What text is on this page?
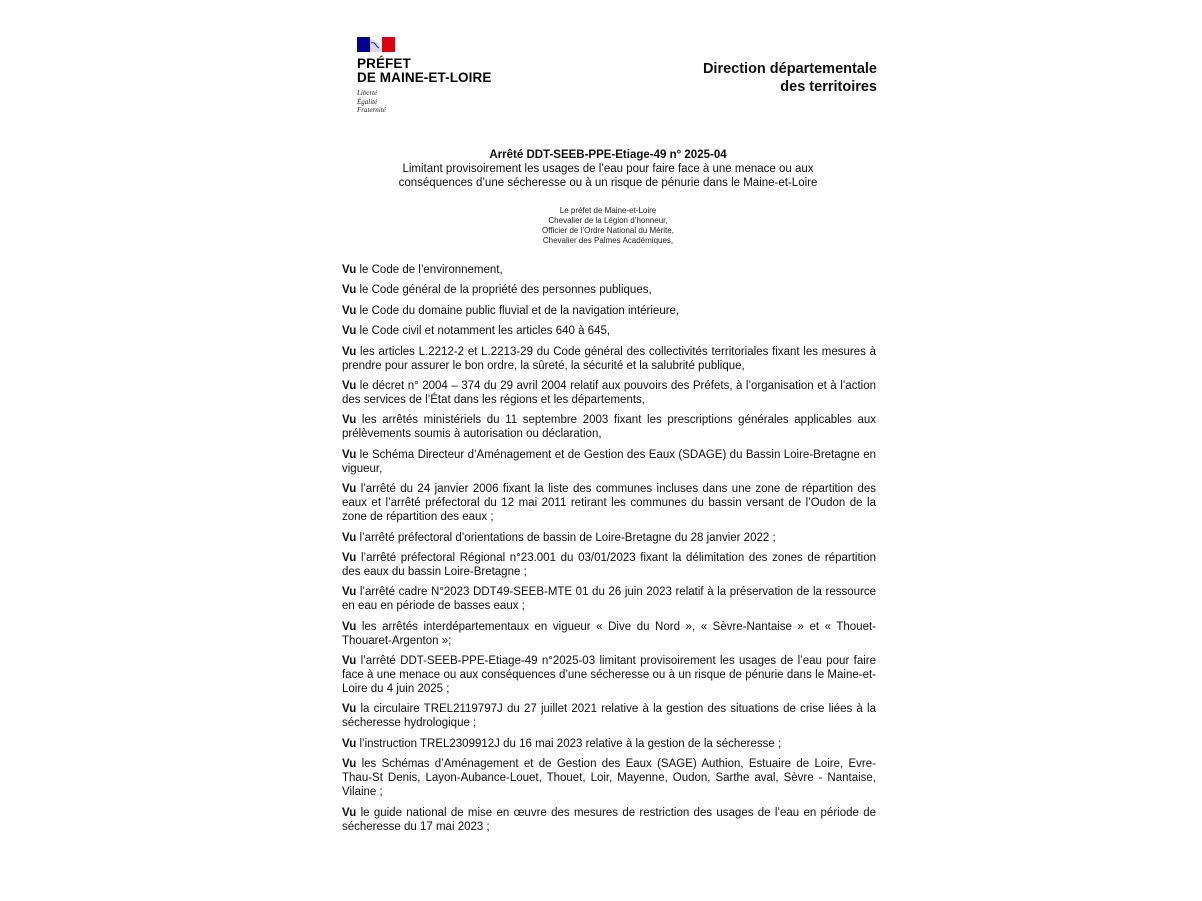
PRÉFET
DE MAINE-ET-LOIRE
Liberté
Égalité
Fraternité
Direction départementale
des territoires
Arrêté DDT-SEEB-PPE-Etiage-49 n° 2025-04
Limitant provisoirement les usages de l’eau pour faire face à une menace ou aux
conséquences d’une sécheresse ou à un risque de pénurie dans le Maine-et-Loire
Le préfet de Maine-et-Loire
Chevalier de la Légion d’honneur,
Officier de l’Ordre National du Mérite,
Chevalier des Palmes Académiques,

Vu le Code de l’environnement,

Vu le Code général de la propriété des personnes publiques,

Vu le Code du domaine public fluvial et de la navigation intérieure,

Vu le Code civil et notamment les articles 640 à 645,

Vu les articles L.2212-2 et L.2213-29 du Code général des collectivités territoriales fixant les mesures à prendre pour assurer le bon ordre, la sûreté, la sécurité et la salubrité publique,

Vu le décret n° 2004 – 374 du 29 avril 2004 relatif aux pouvoirs des Préfets, à l’organisation et à l’action des services de l’État dans les régions et les départements,

Vu les arrêtés ministériels du 11 septembre 2003 fixant les prescriptions générales applicables aux prélèvements soumis à autorisation ou déclaration,

Vu le Schéma Directeur d’Aménagement et de Gestion des Eaux (SDAGE) du Bassin Loire-Bretagne en vigueur,

Vu l’arrêté du 24 janvier 2006 fixant la liste des communes incluses dans une zone de répartition des eaux et l’arrêté préfectoral du 12 mai 2011 retirant les communes du bassin versant de l’Oudon de la zone de répartition des eaux ;

Vu l’arrêté préfectoral d’orientations de bassin de Loire-Bretagne du 28 janvier 2022 ;

Vu l’arrêté préfectoral Régional n°23.001 du 03/01/2023 fixant la délimitation des zones de répartition des eaux du bassin Loire-Bretagne ;

Vu l’arrêté cadre N°2023 DDT49-SEEB-MTE 01 du 26 juin 2023 relatif à la préservation de la ressource en eau en période de basses eaux ;

Vu les arrêtés interdépartementaux en vigueur « Dive du Nord », « Sèvre-Nantaise » et « Thouet-Thouaret-Argenton »;

Vu l’arrêté DDT-SEEB-PPE-Etiage-49 n°2025-03 limitant provisoirement les usages de l’eau pour faire face à une menace ou aux conséquences d’une sécheresse ou à un risque de pénurie dans le Maine-et-Loire du 4 juin 2025 ;

Vu la circulaire TREL2119797J du 27 juillet 2021 relative à la gestion des situations de crise liées à la sécheresse hydrologique ;

Vu l’instruction TREL2309912J du 16 mai 2023 relative à la gestion de la sécheresse ;

Vu les Schémas d’Aménagement et de Gestion des Eaux (SAGE) Authion, Estuaire de Loire, Evre-Thau-St Denis, Layon-Aubance-Louet, Thouet, Loir, Mayenne, Oudon, Sarthe aval, Sèvre - Nantaise, Vilaine ;

Vu le guide national de mise en œuvre des mesures de restriction des usages de l’eau en période de sécheresse du 17 mai 2023 ;
